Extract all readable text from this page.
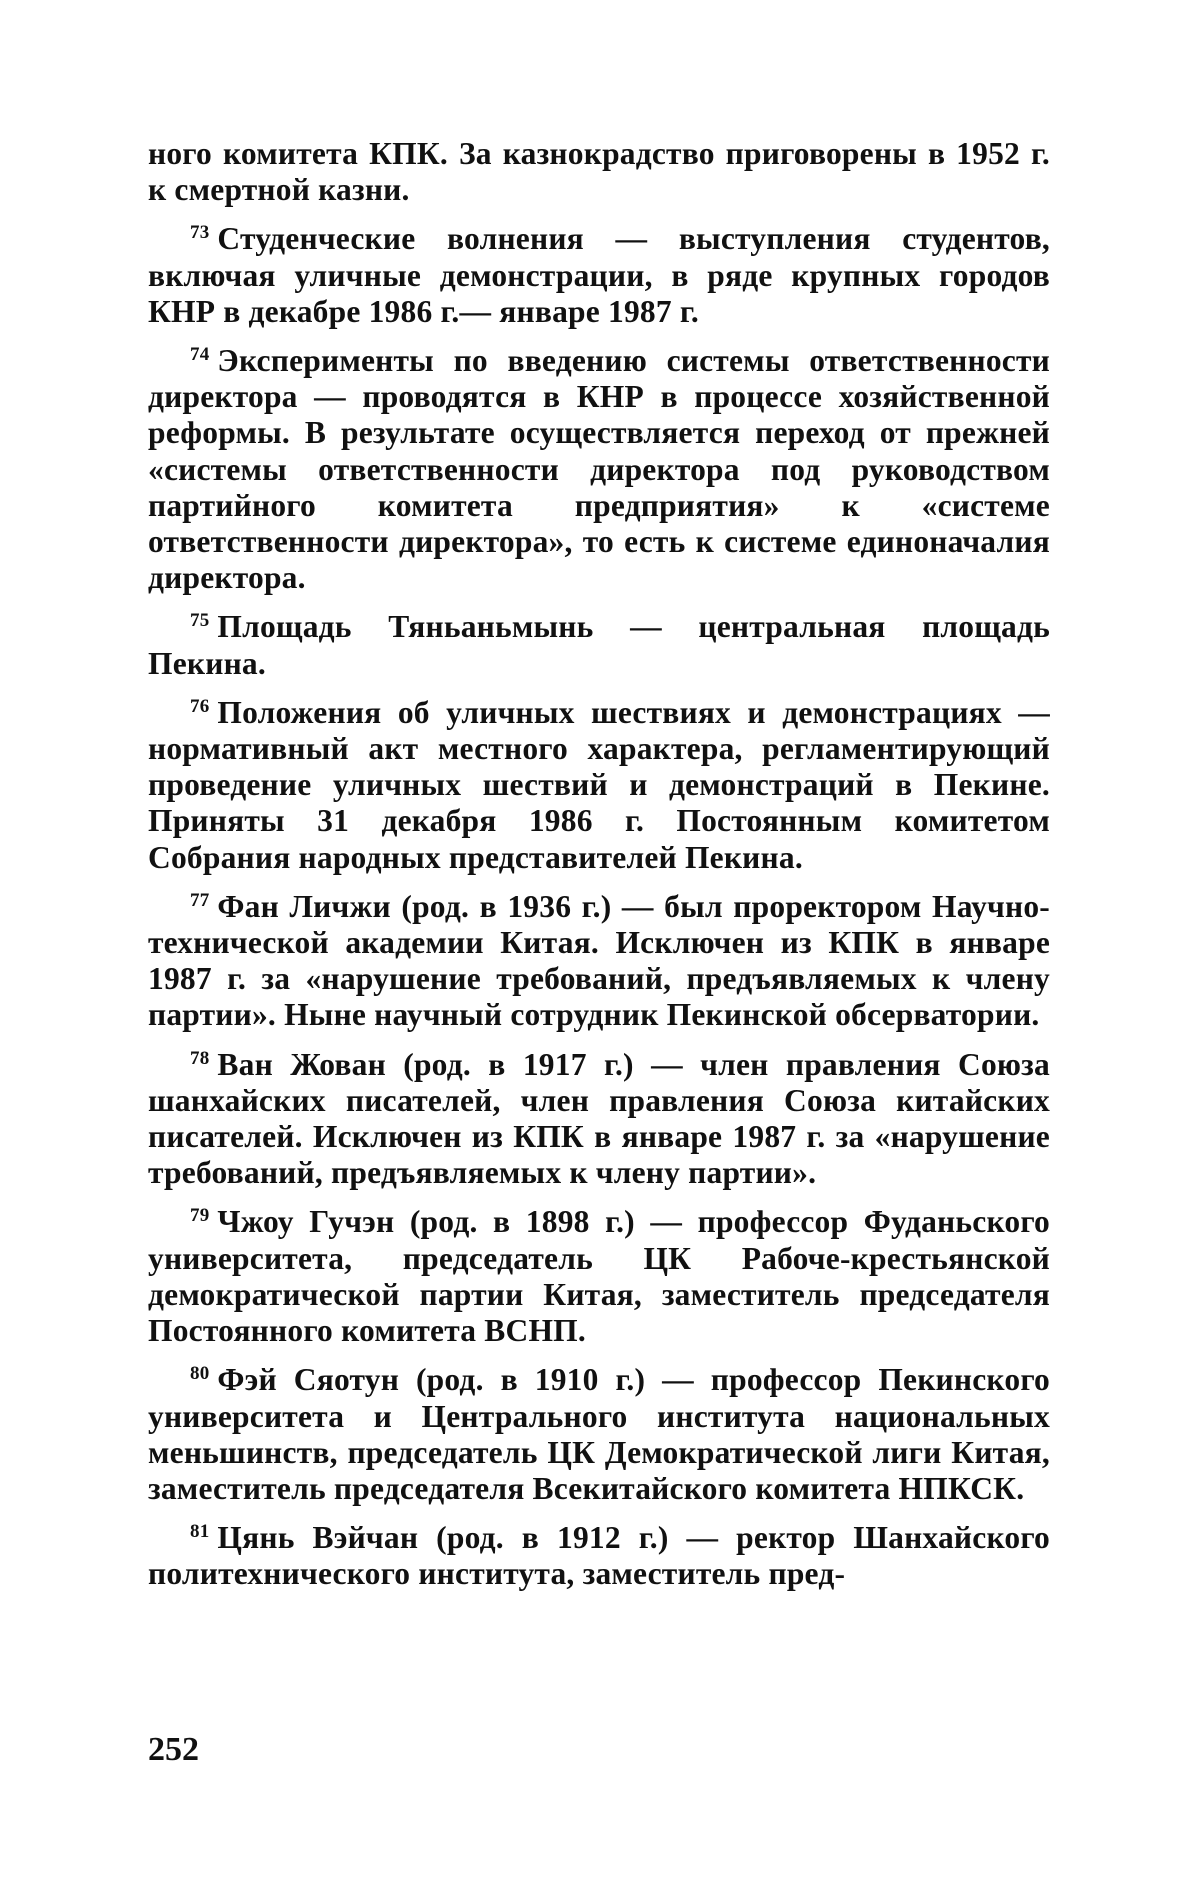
ного комитета КПК. За казнокрадство приговорены в 1952 г. к смертной казни.

$^{73}$ Студенческие волнения — выступления студентов, включая уличные демонстрации, в ряде крупных городов КНР в декабре 1986 г.— январе 1987 г.

$^{74}$ Эксперименты по введению системы ответственности директора — проводятся в КНР в процессе хозяйственной реформы. В результате осуществляется переход от прежней «системы ответственности директора под руководством партийного комитета предприятия» к «системе ответственности директора», то есть к системе единоначалия директора.

$^{75}$ Площадь Тяньаньмынь — центральная площадь Пекина.

$^{76}$ Положения об уличных шествиях и демонстрациях — нормативный акт местного характера, регламентирующий проведение уличных шествий и демонстраций в Пекине. Приняты 31 декабря 1986 г. Постоянным комитетом Собрания народных представителей Пекина.

$^{77}$ Фан Личжи (род. в 1936 г.) — был проректором Научно-технической академии Китая. Исключен из КПК в январе 1987 г. за «нарушение требований, предъявляемых к члену партии». Ныне научный сотрудник Пекинской обсерватории.

$^{78}$ Ван Жован (род. в 1917 г.) — член правления Союза шанхайских писателей, член правления Союза китайских писателей. Исключен из КПК в январе 1987 г. за «нарушение требований, предъявляемых к члену партии».

$^{79}$ Чжоу Гучэн (род. в 1898 г.) — профессор Фуданьского университета, председатель ЦК Рабоче-крестьянской демократической партии Китая, заместитель председателя Постоянного комитета ВСНП.

$^{80}$ Фэй Сяотун (род. в 1910 г.) — профессор Пекинского университета и Центрального института национальных меньшинств, председатель ЦК Демократической лиги Китая, заместитель председателя Всекитайского комитета НПКСК.

$^{81}$ Цянь Вэйчан (род. в 1912 г.) — ректор Шанхайского политехнического института, заместитель пред-

252
